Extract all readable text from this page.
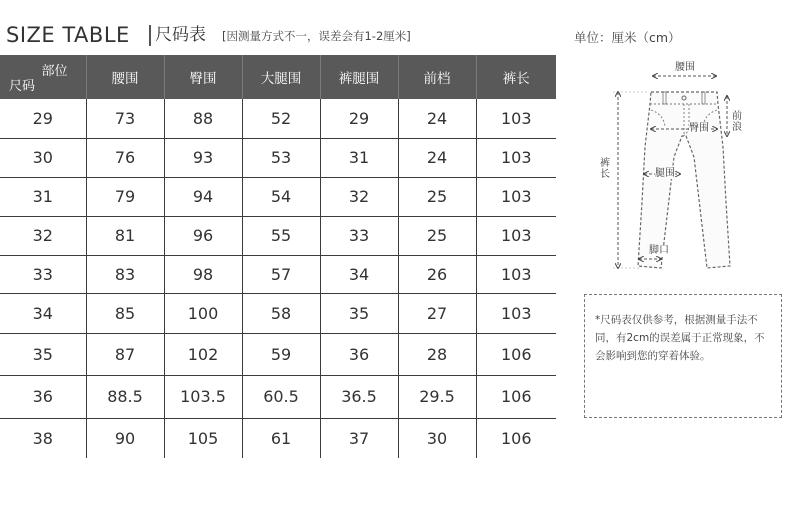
SIZE TABLE 尺码表 [因测量方式不一，误差会有1-2厘米]	单位：厘米（cm）
部位
尺码	腰围	臀围	大腿围	裤腿围	前档	裤长
29	73	88	52	29	24	103
30	76	93	53	31	24	103
31	79	94	54	32	25	103
32	81	96	55	33	25	103
33	83	98	57	34	26	103
34	85	100	58	35	27	103
35	87	102	59	36	28	106
36	88.5	103.5	60.5	36.5	29.5	106
38	90	105	61	37	30	106
腰围
前浪
臀围
裤长	腿围
脚口
*尺码表仅供参考，根据测量手法不同，有2cm的误差属于正常现象，不会影响到您的穿着体验。
